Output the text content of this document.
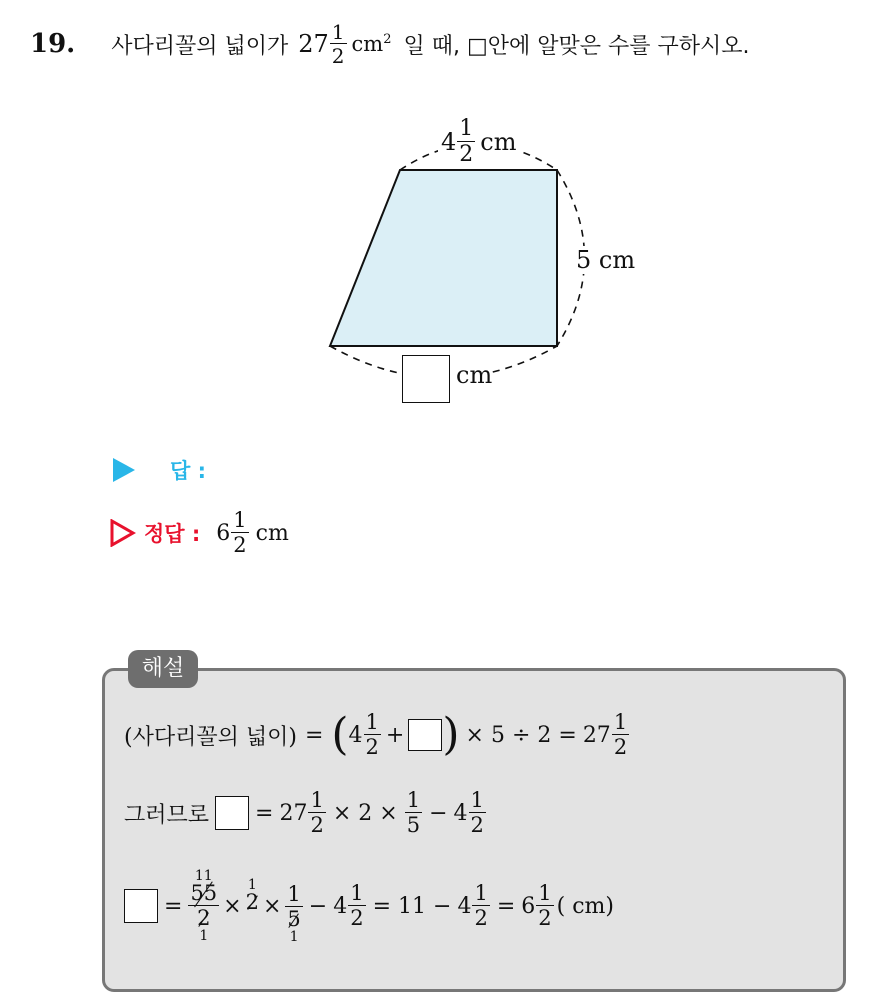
19. 사다리꼴의 넓이가 $27 \frac{1}{2} cm^2$ 일 때, □안에 알맞은 수를 구하시오.
$4 \frac{1}{2}$ cm
5 cm
cm
답 :
정답 : $6 \frac{1}{2}$ cm
해설
(사다리꼴의 넓이) = ( $4 \frac{1}{2}$ + ) × $5 \div 2 = 27 \frac{1}{2}$
그러므로 = $27 \frac{1}{2} \times 2 \times \frac{1}{5} - 4 \frac{1}{2}$
=
11
55
2
1
×
1
2 × 1
5
1
− $4 \frac{1}{2} = 11 - 4 \frac{1}{2} = 6 \frac{1}{2}$ ( cm)
